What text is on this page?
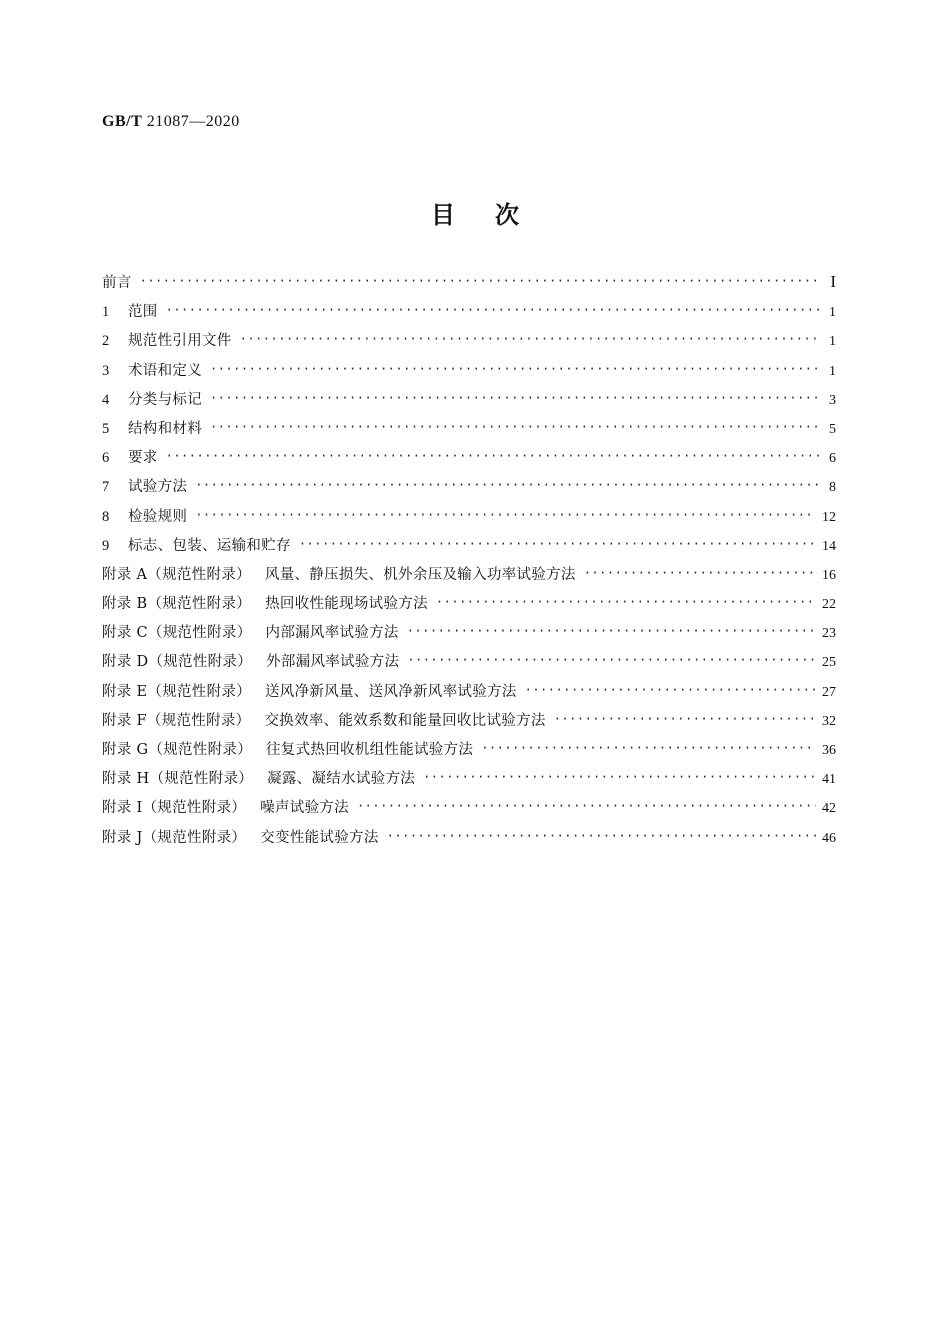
GB/T 21087—2020
目次
前言 ·····	I
1 范围 ·····	1
2 规范性引用文件 ·····	1
3 术语和定义 ·····	1
4 分类与标记 ·····	3
5 结构和材料 ·····	5
6 要求 ·····	6
7 试验方法 ·····	8
8 检验规则 ·····	12
9 标志、包装、运输和贮存 ·····	14
附录 A（规范性附录） 风量、静压损失、机外余压及输入功率试验方法 ·····	16
附录 B（规范性附录） 热回收性能现场试验方法 ·····	22
附录 C（规范性附录） 内部漏风率试验方法 ·····	23
附录 D（规范性附录） 外部漏风率试验方法 ·····	25
附录 E（规范性附录） 送风净新风量、送风净新风率试验方法 ·····	27
附录 F（规范性附录） 交换效率、能效系数和能量回收比试验方法 ·····	32
附录 G（规范性附录） 往复式热回收机组性能试验方法 ·····	36
附录 H（规范性附录） 凝露、凝结水试验方法 ·····	41
附录 I（规范性附录） 噪声试验方法 ·····	42
附录 J（规范性附录） 交变性能试验方法 ·····	46
